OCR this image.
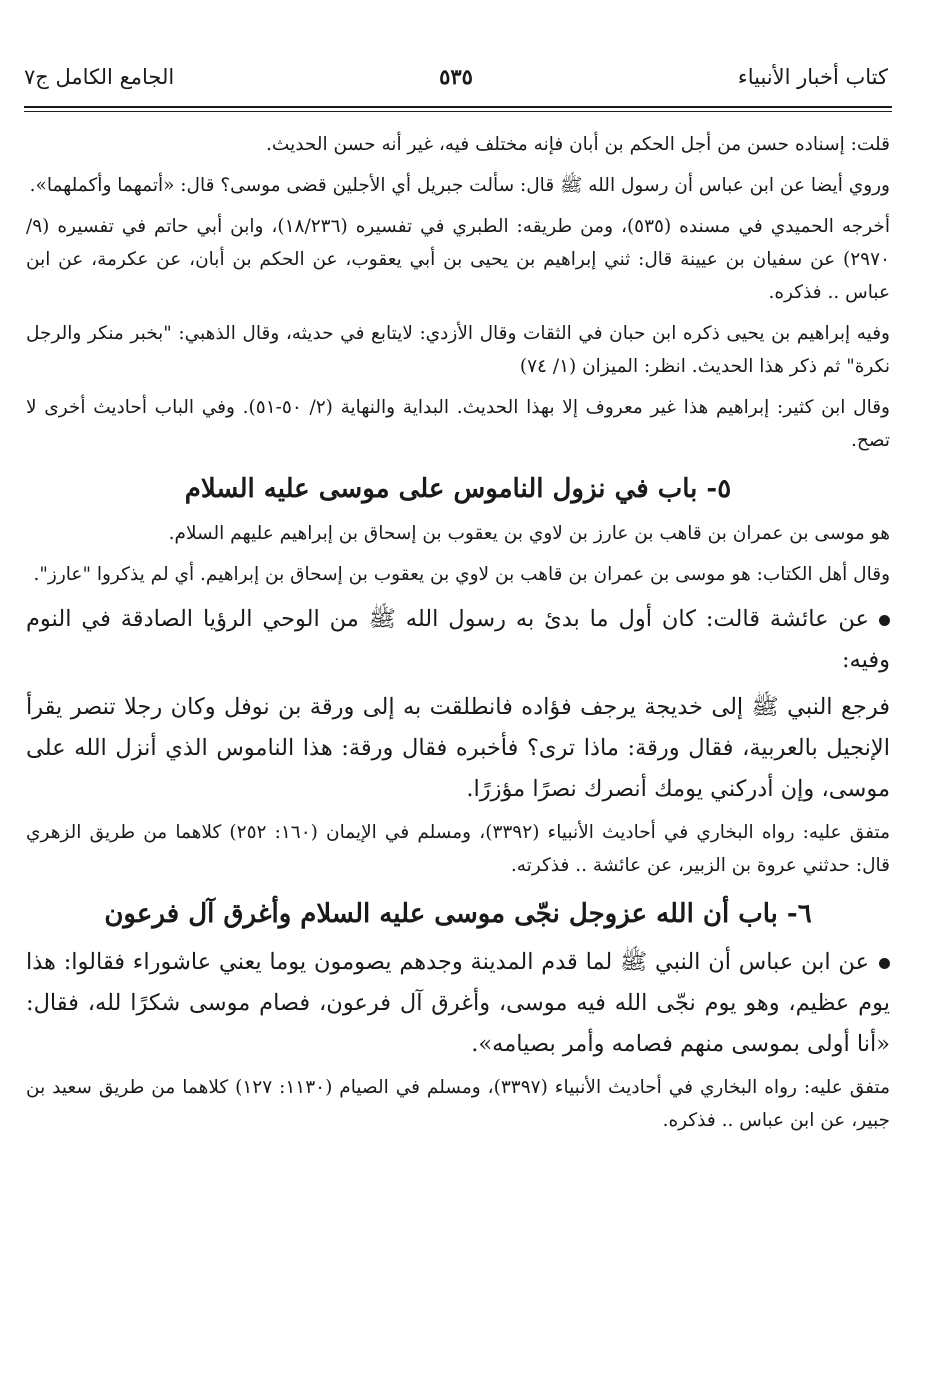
كتاب أخبار الأنبياء
٥٣٥
الجامع الكامل ج٧

قلت: إسناده حسن من أجل الحكم بن أبان فإنه مختلف فيه، غير أنه حسن الحديث.

وروي أيضا عن ابن عباس أن رسول الله ﷺ قال: سألت جبريل أي الأجلين قضى موسى؟ قال: «أتمهما وأكملهما».

أخرجه الحميدي في مسنده (٥٣٥)، ومن طريقه: الطبري في تفسيره (١٨/٢٣٦)، وابن أبي حاتم في تفسيره (٩/ ٢٩٧٠) عن سفيان بن عيينة قال: ثني إبراهيم بن يحيى بن أبي يعقوب، عن الحكم بن أبان، عن عكرمة، عن ابن عباس .. فذكره.

وفيه إبراهيم بن يحيى ذكره ابن حبان في الثقات وقال الأزدي: لايتابع في حديثه، وقال الذهبي: "بخبر منكر والرجل نكرة" ثم ذكر هذا الحديث. انظر: الميزان (١/ ٧٤)

وقال ابن كثير: إبراهيم هذا غير معروف إلا بهذا الحديث. البداية والنهاية (٢/ ٥٠-٥١). وفي الباب أحاديث أخرى لا تصح.

٥- باب في نزول الناموس على موسى عليه السلام

هو موسى بن عمران بن قاهب بن عارز بن لاوي بن يعقوب بن إسحاق بن إبراهيم عليهم السلام.

وقال أهل الكتاب: هو موسى بن عمران بن قاهب بن لاوي بن يعقوب بن إسحاق بن إبراهيم. أي لم يذكروا "عارز".

عن عائشة قالت: كان أول ما بدئ به رسول الله ﷺ من الوحي الرؤيا الصادقة في النوم وفيه:

فرجع النبي ﷺ إلى خديجة يرجف فؤاده فانطلقت به إلى ورقة بن نوفل وكان رجلا تنصر يقرأ الإنجيل بالعربية، فقال ورقة: ماذا ترى؟ فأخبره فقال ورقة: هذا الناموس الذي أنزل الله على موسى، وإن أدركني يومك أنصرك نصرًا مؤزرًا.

متفق عليه: رواه البخاري في أحاديث الأنبياء (٣٣٩٢)، ومسلم في الإيمان (١٦٠: ٢٥٢) كلاهما من طريق الزهري قال: حدثني عروة بن الزبير، عن عائشة .. فذكرته.

٦- باب أن الله عزوجل نجّى موسى عليه السلام وأغرق آل فرعون

عن ابن عباس أن النبي ﷺ لما قدم المدينة وجدهم يصومون يوما يعني عاشوراء فقالوا: هذا يوم عظيم، وهو يوم نجّى الله فيه موسى، وأغرق آل فرعون، فصام موسى شكرًا لله، فقال: «أنا أولى بموسى منهم فصامه وأمر بصيامه».

متفق عليه: رواه البخاري في أحاديث الأنبياء (٣٣٩٧)، ومسلم في الصيام (١١٣٠: ١٢٧) كلاهما من طريق سعيد بن جبير، عن ابن عباس .. فذكره.
